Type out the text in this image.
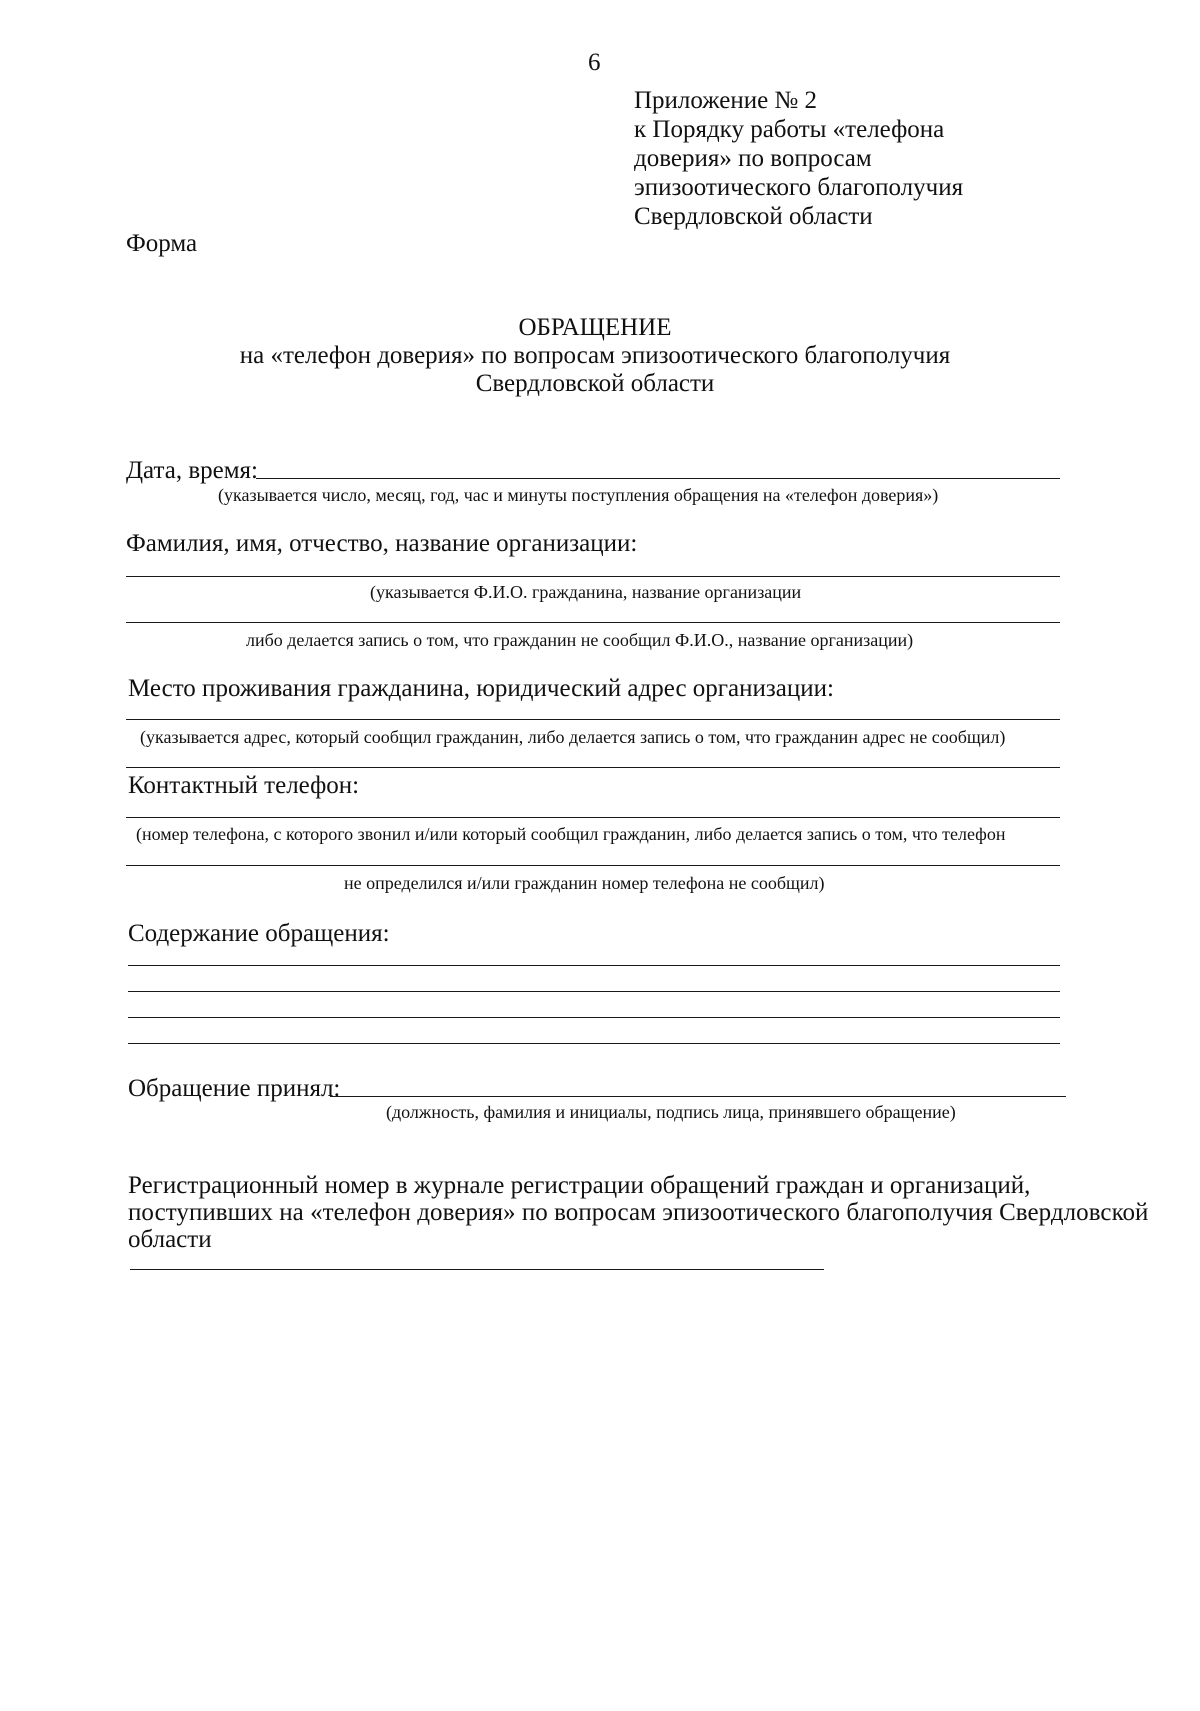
6
Приложение № 2
к Порядку работы «телефона
доверия» по вопросам
эпизоотического благополучия
Свердловской области
Форма
ОБРАЩЕНИЕ
на «телефон доверия» по вопросам эпизоотического благополучия
Свердловской области
Дата, время:
(указывается число, месяц, год, час и минуты поступления обращения на «телефон доверия»)
Фамилия, имя, отчество, название организации:
(указывается Ф.И.О. гражданина, название организации
либо делается запись о том, что гражданин не сообщил Ф.И.О., название организации)
Место проживания гражданина, юридический адрес организации:
(указывается адрес, который сообщил гражданин, либо делается запись о том, что гражданин адрес не сообщил)
Контактный телефон:
(номер телефона, с которого звонил и/или который сообщил гражданин, либо делается запись о том, что телефон
не определился и/или гражданин номер телефона не сообщил)
Содержание обращения:
Обращение принял:
(должность, фамилия и инициалы, подпись лица, принявшего обращение)
Регистрационный номер в журнале регистрации обращений граждан и организаций,
поступивших на «телефон доверия» по вопросам эпизоотического благополучия Свердловской
области
